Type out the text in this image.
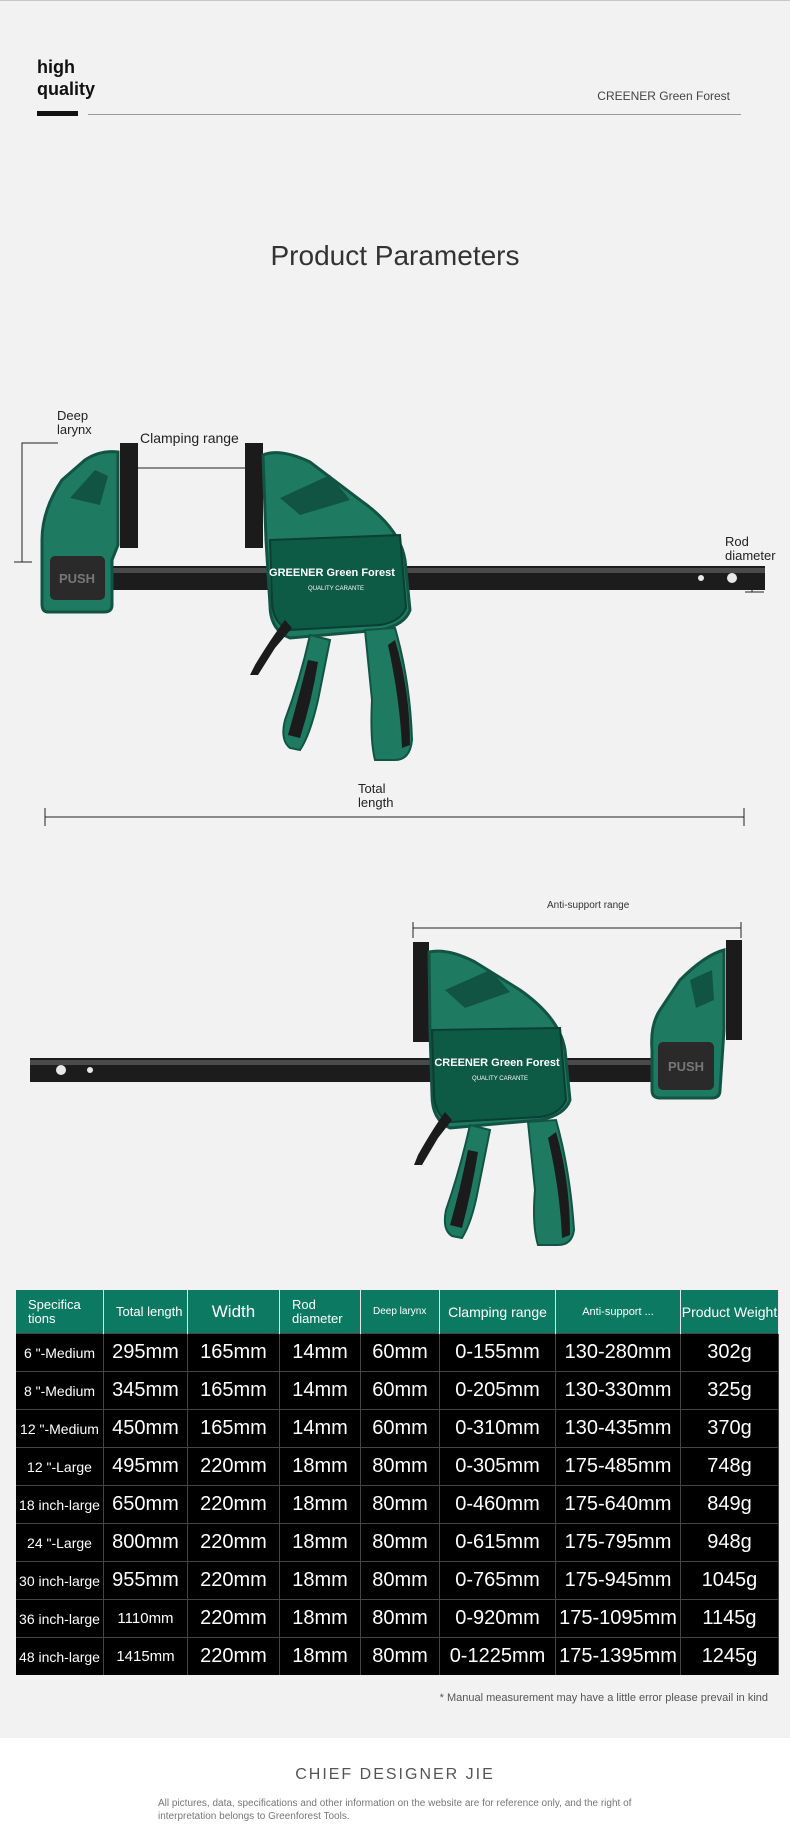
high
quality	CREENER Green Forest
Product Parameters
Deep
larynx
Clamping range
Rod
diameter
Total
length
PUSH	GREENER Green Forest
QUALITY CARANTE
Anti-support range
PUSH
CREENER Green Forest
QUALITY CARANTE
Specifica tions	Total length	Width	Rod diameter	Deep larynx	Clamping range	Anti-support ...	Product Weight
6 "-Medium	295mm	165mm	14mm	60mm	0-155mm	130-280mm	302g
8 "-Medium	345mm	165mm	14mm	60mm	0-205mm	130-330mm	325g
12 "-Medium	450mm	165mm	14mm	60mm	0-310mm	130-435mm	370g
12 "-Large	495mm	220mm	18mm	80mm	0-305mm	175-485mm	748g
18 inch-large	650mm	220mm	18mm	80mm	0-460mm	175-640mm	849g
24 "-Large	800mm	220mm	18mm	80mm	0-615mm	175-795mm	948g
30 inch-large	955mm	220mm	18mm	80mm	0-765mm	175-945mm	1045g
36 inch-large	1110mm	220mm	18mm	80mm	0-920mm	175-1095mm	1145g
48 inch-large	1415mm	220mm	18mm	80mm	0-1225mm	175-1395mm	1245g
* Manual measurement may have a little error please prevail in kind
CHIEF DESIGNER JIE
All pictures, data, specifications and other information on the website are for reference only, and the right of interpretation belongs to Greenforest Tools.
